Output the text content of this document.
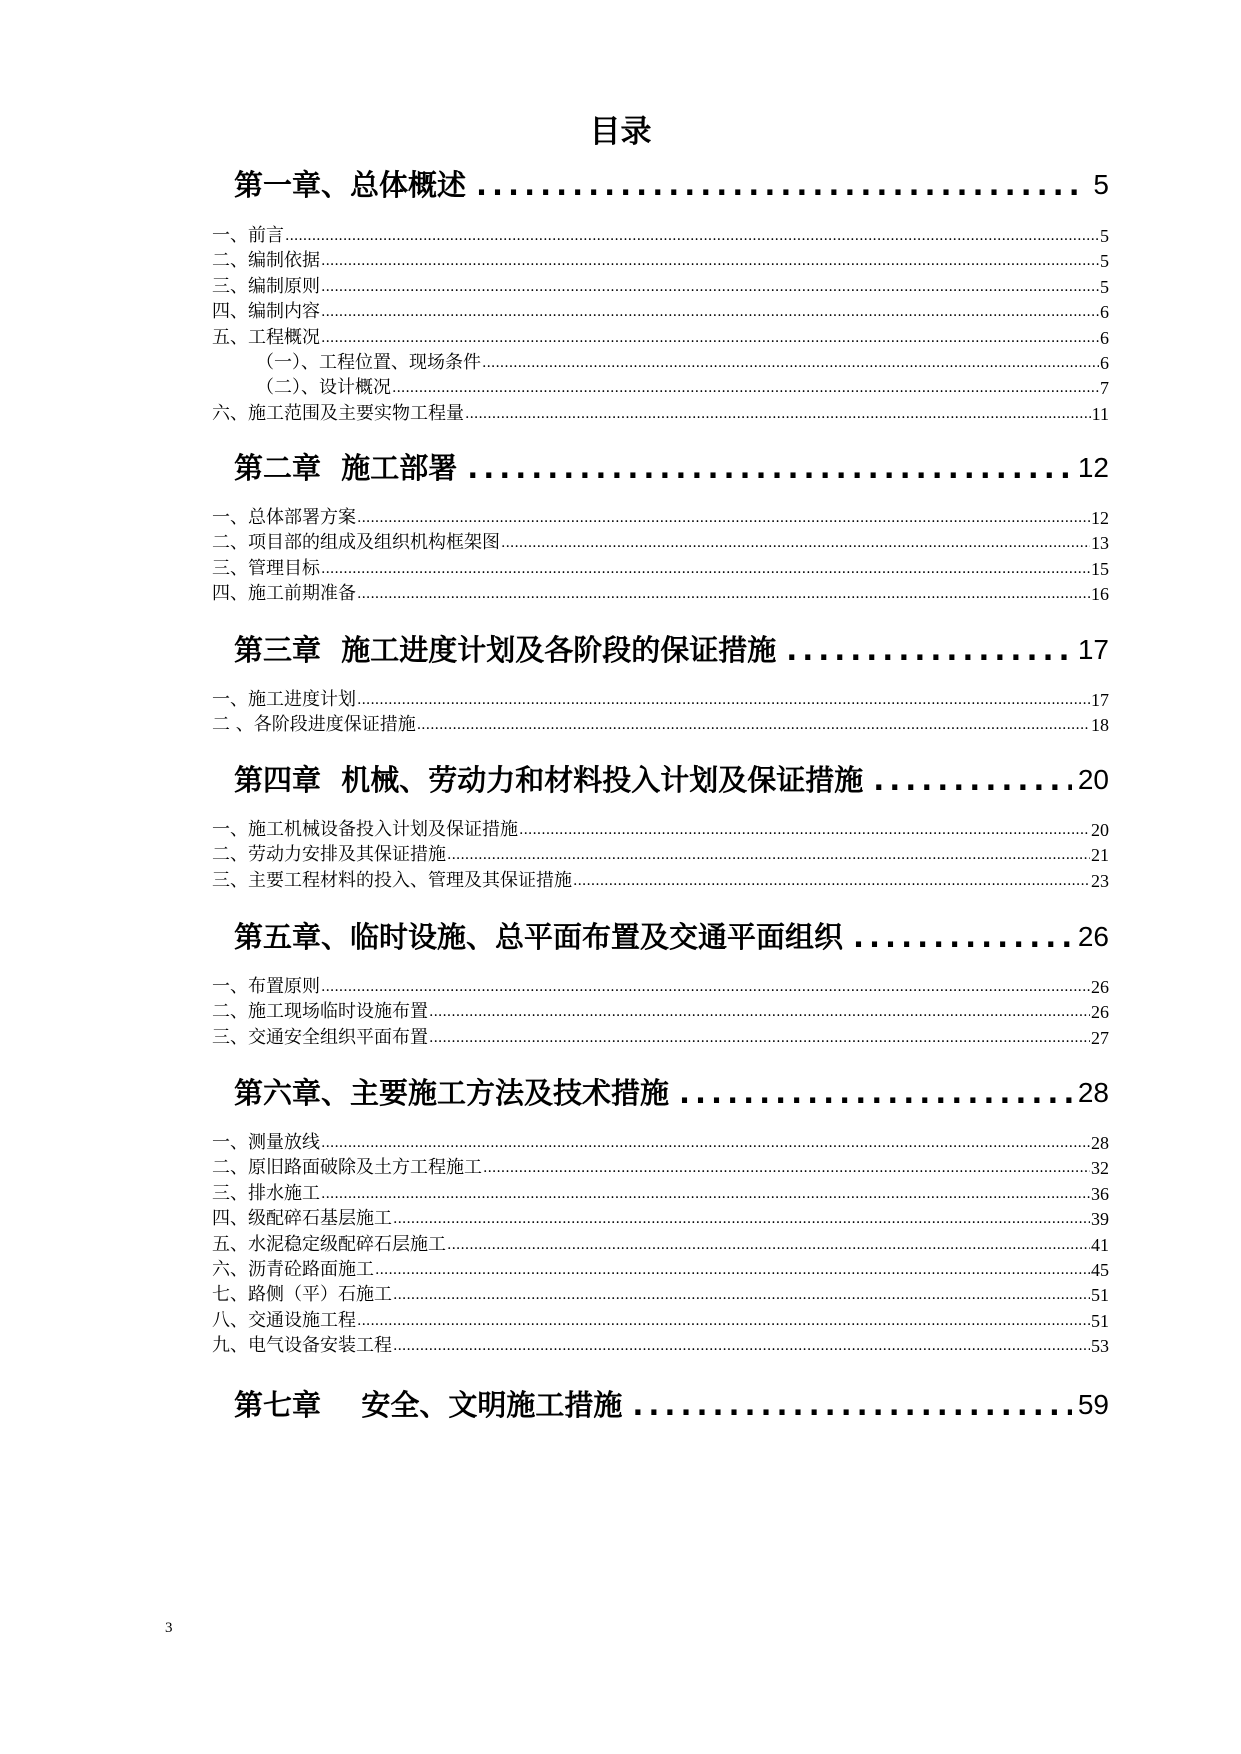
目录
第一章、总体概述 .....	5
一、前言 .....	5
二、编制依据 .....	5
三、编制原则 .....	5
四、编制内容 .....	6
五、工程概况 .....	6
（一）、工程位置、现场条件 .....	6
（二）、设计概况 .....	7
六、施工范围及主要实物工程量 .....	11
第二章  施工部署 .....	12
一、总体部署方案 .....	12
二、项目部的组成及组织机构框架图 .....	13
三、管理目标 .....	15
四、施工前期准备 .....	16
第三章  施工进度计划及各阶段的保证措施 .....	17
一、施工进度计划 .....	17
二 、各阶段进度保证措施 .....	18
第四章  机械、劳动力和材料投入计划及保证措施 .....	20
一、施工机械设备投入计划及保证措施 .....	20
二、劳动力安排及其保证措施 .....	21
三、主要工程材料的投入、管理及其保证措施 .....	23
第五章、临时设施、总平面布置及交通平面组织 .....	26
一、布置原则 .....	26
二、施工现场临时设施布置 .....	26
三、交通安全组织平面布置 .....	27
第六章、主要施工方法及技术措施 .....	28
一、测量放线 .....	28
二、原旧路面破除及土方工程施工 .....	32
三、排水施工 .....	36
四、级配碎石基层施工 .....	39
五、水泥稳定级配碎石层施工 .....	41
六、沥青砼路面施工 .....	45
七、路侧（平）石施工 .....	51
八、交通设施工程 .....	51
九、电气设备安装工程 .....	53
第七章    安全、文明施工措施 .....	59
3
